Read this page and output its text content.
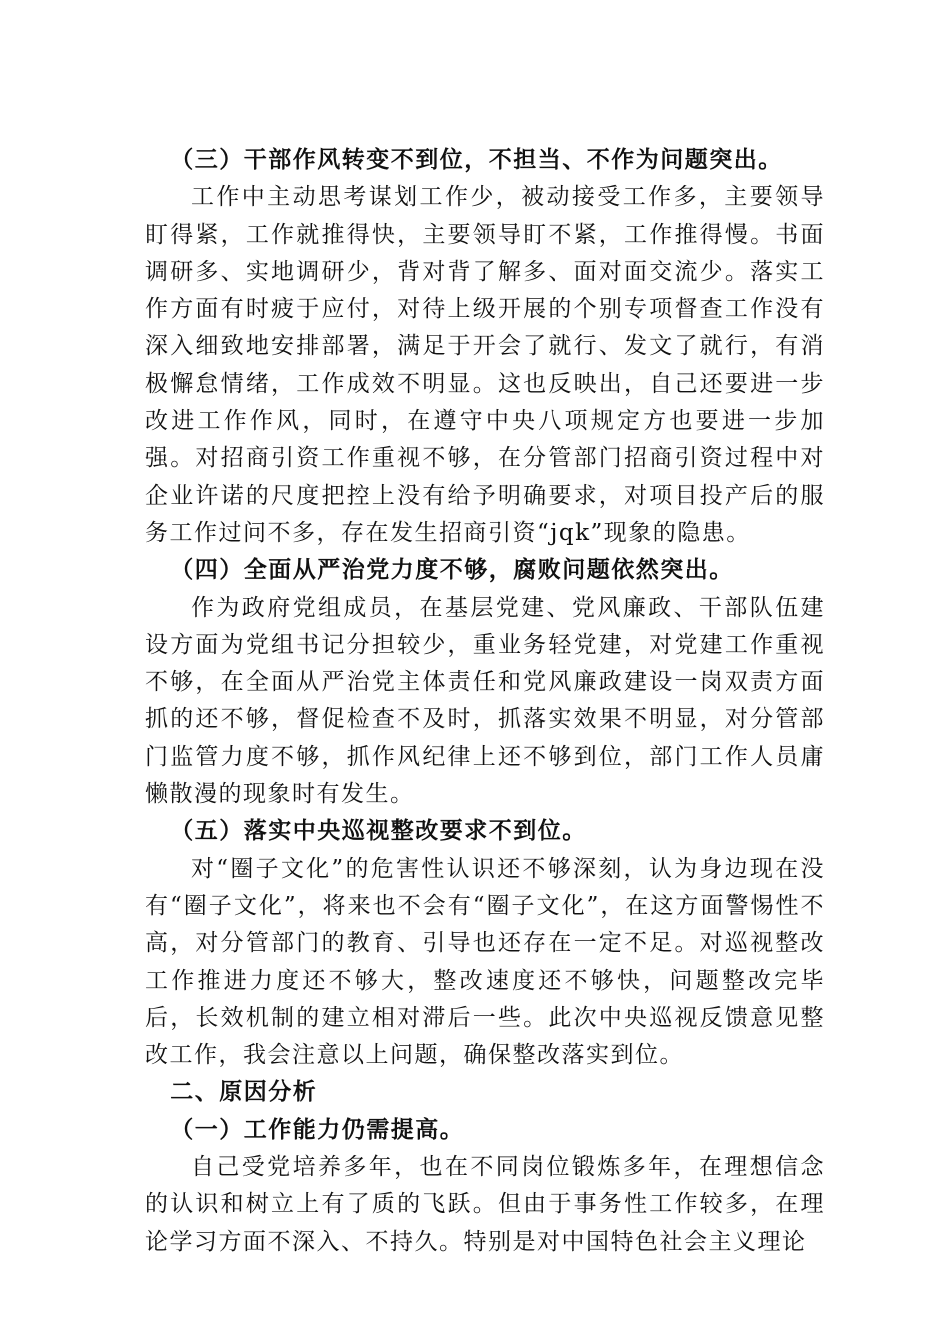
（三）干部作风转变不到位，不担当、不作为问题突出。

工作中主动思考谋划工作少，被动接受工作多，主要领导盯得紧，工作就推得快，主要领导盯不紧，工作推得慢。书面调研多、实地调研少，背对背了解多、面对面交流少。落实工作方面有时疲于应付，对待上级开展的个别专项督查工作没有深入细致地安排部署，满足于开会了就行、发文了就行，有消极懈怠情绪，工作成效不明显。这也反映出，自己还要进一步改进工作作风，同时，在遵守中央八项规定方也要进一步加强。对招商引资工作重视不够，在分管部门招商引资过程中对企业许诺的尺度把控上没有给予明确要求，对项目投产后的服务工作过问不多，存在发生招商引资“jqk”现象的隐患。

（四）全面从严治党力度不够，腐败问题依然突出。

作为政府党组成员，在基层党建、党风廉政、干部队伍建设方面为党组书记分担较少，重业务轻党建，对党建工作重视不够，在全面从严治党主体责任和党风廉政建设一岗双责方面抓的还不够，督促检查不及时，抓落实效果不明显，对分管部门监管力度不够，抓作风纪律上还不够到位，部门工作人员庸懒散漫的现象时有发生。

（五）落实中央巡视整改要求不到位。

对“圈子文化”的危害性认识还不够深刻，认为身边现在没有“圈子文化”，将来也不会有“圈子文化”，在这方面警惕性不高，对分管部门的教育、引导也还存在一定不足。对巡视整改工作推进力度还不够大，整改速度还不够快，问题整改完毕后，长效机制的建立相对滞后一些。此次中央巡视反馈意见整改工作，我会注意以上问题，确保整改落实到位。

二、原因分析

（一）工作能力仍需提高。

自己受党培养多年，也在不同岗位锻炼多年，在理想信念的认识和树立上有了质的飞跃。但由于事务性工作较多，在理论学习方面不深入、不持久。特别是对中国特色社会主义理论
